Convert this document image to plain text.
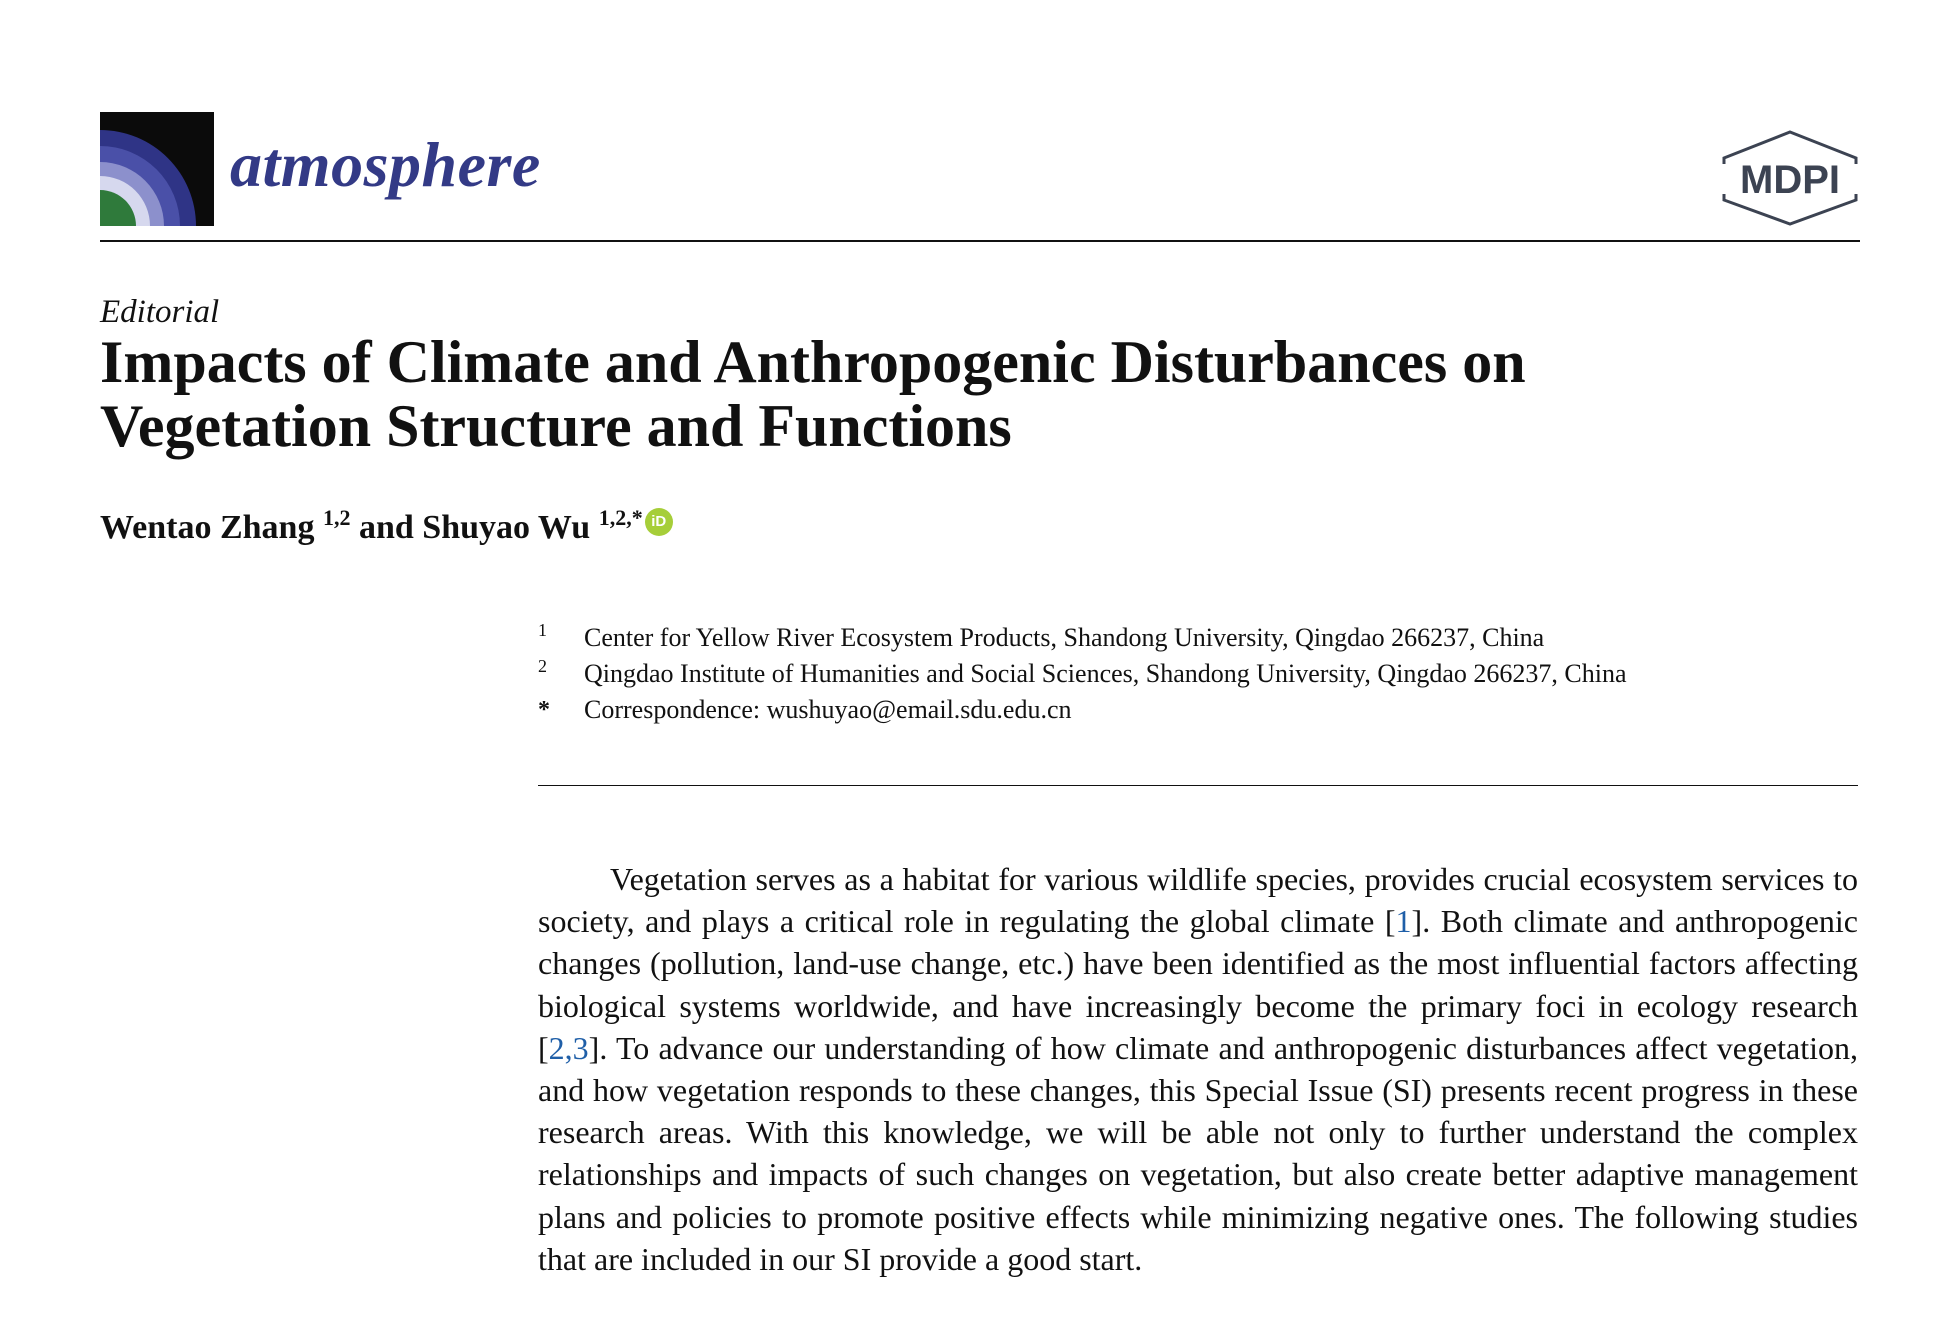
atmosphere	MDPI
Editorial
Impacts of Climate and Anthropogenic Disturbances on Vegetation Structure and Functions
Wentao Zhang $^{1,2}$ and Shuyao Wu $^{1,2,*}$ iD
1 Center for Yellow River Ecosystem Products, Shandong University, Qingdao 266237, China
2 Qingdao Institute of Humanities and Social Sciences, Shandong University, Qingdao 266237, China
* Correspondence: wushuyao@email.sdu.edu.cn

Vegetation serves as a habitat for various wildlife species, provides crucial ecosystem services to society, and plays a critical role in regulating the global climate [1]. Both climate and anthropogenic changes (pollution, land-use change, etc.) have been identified as the most influential factors affecting biological systems worldwide, and have increasingly become the primary foci in ecology research [2,3]. To advance our understanding of how climate and anthropogenic disturbances affect vegetation, and how vegetation responds to these changes, this Special Issue (SI) presents recent progress in these research areas. With this knowledge, we will be able not only to further understand the complex relationships and impacts of such changes on vegetation, but also create better adaptive management plans and policies to promote positive effects while minimizing negative ones. The following studies that are included in our SI provide a good start.
